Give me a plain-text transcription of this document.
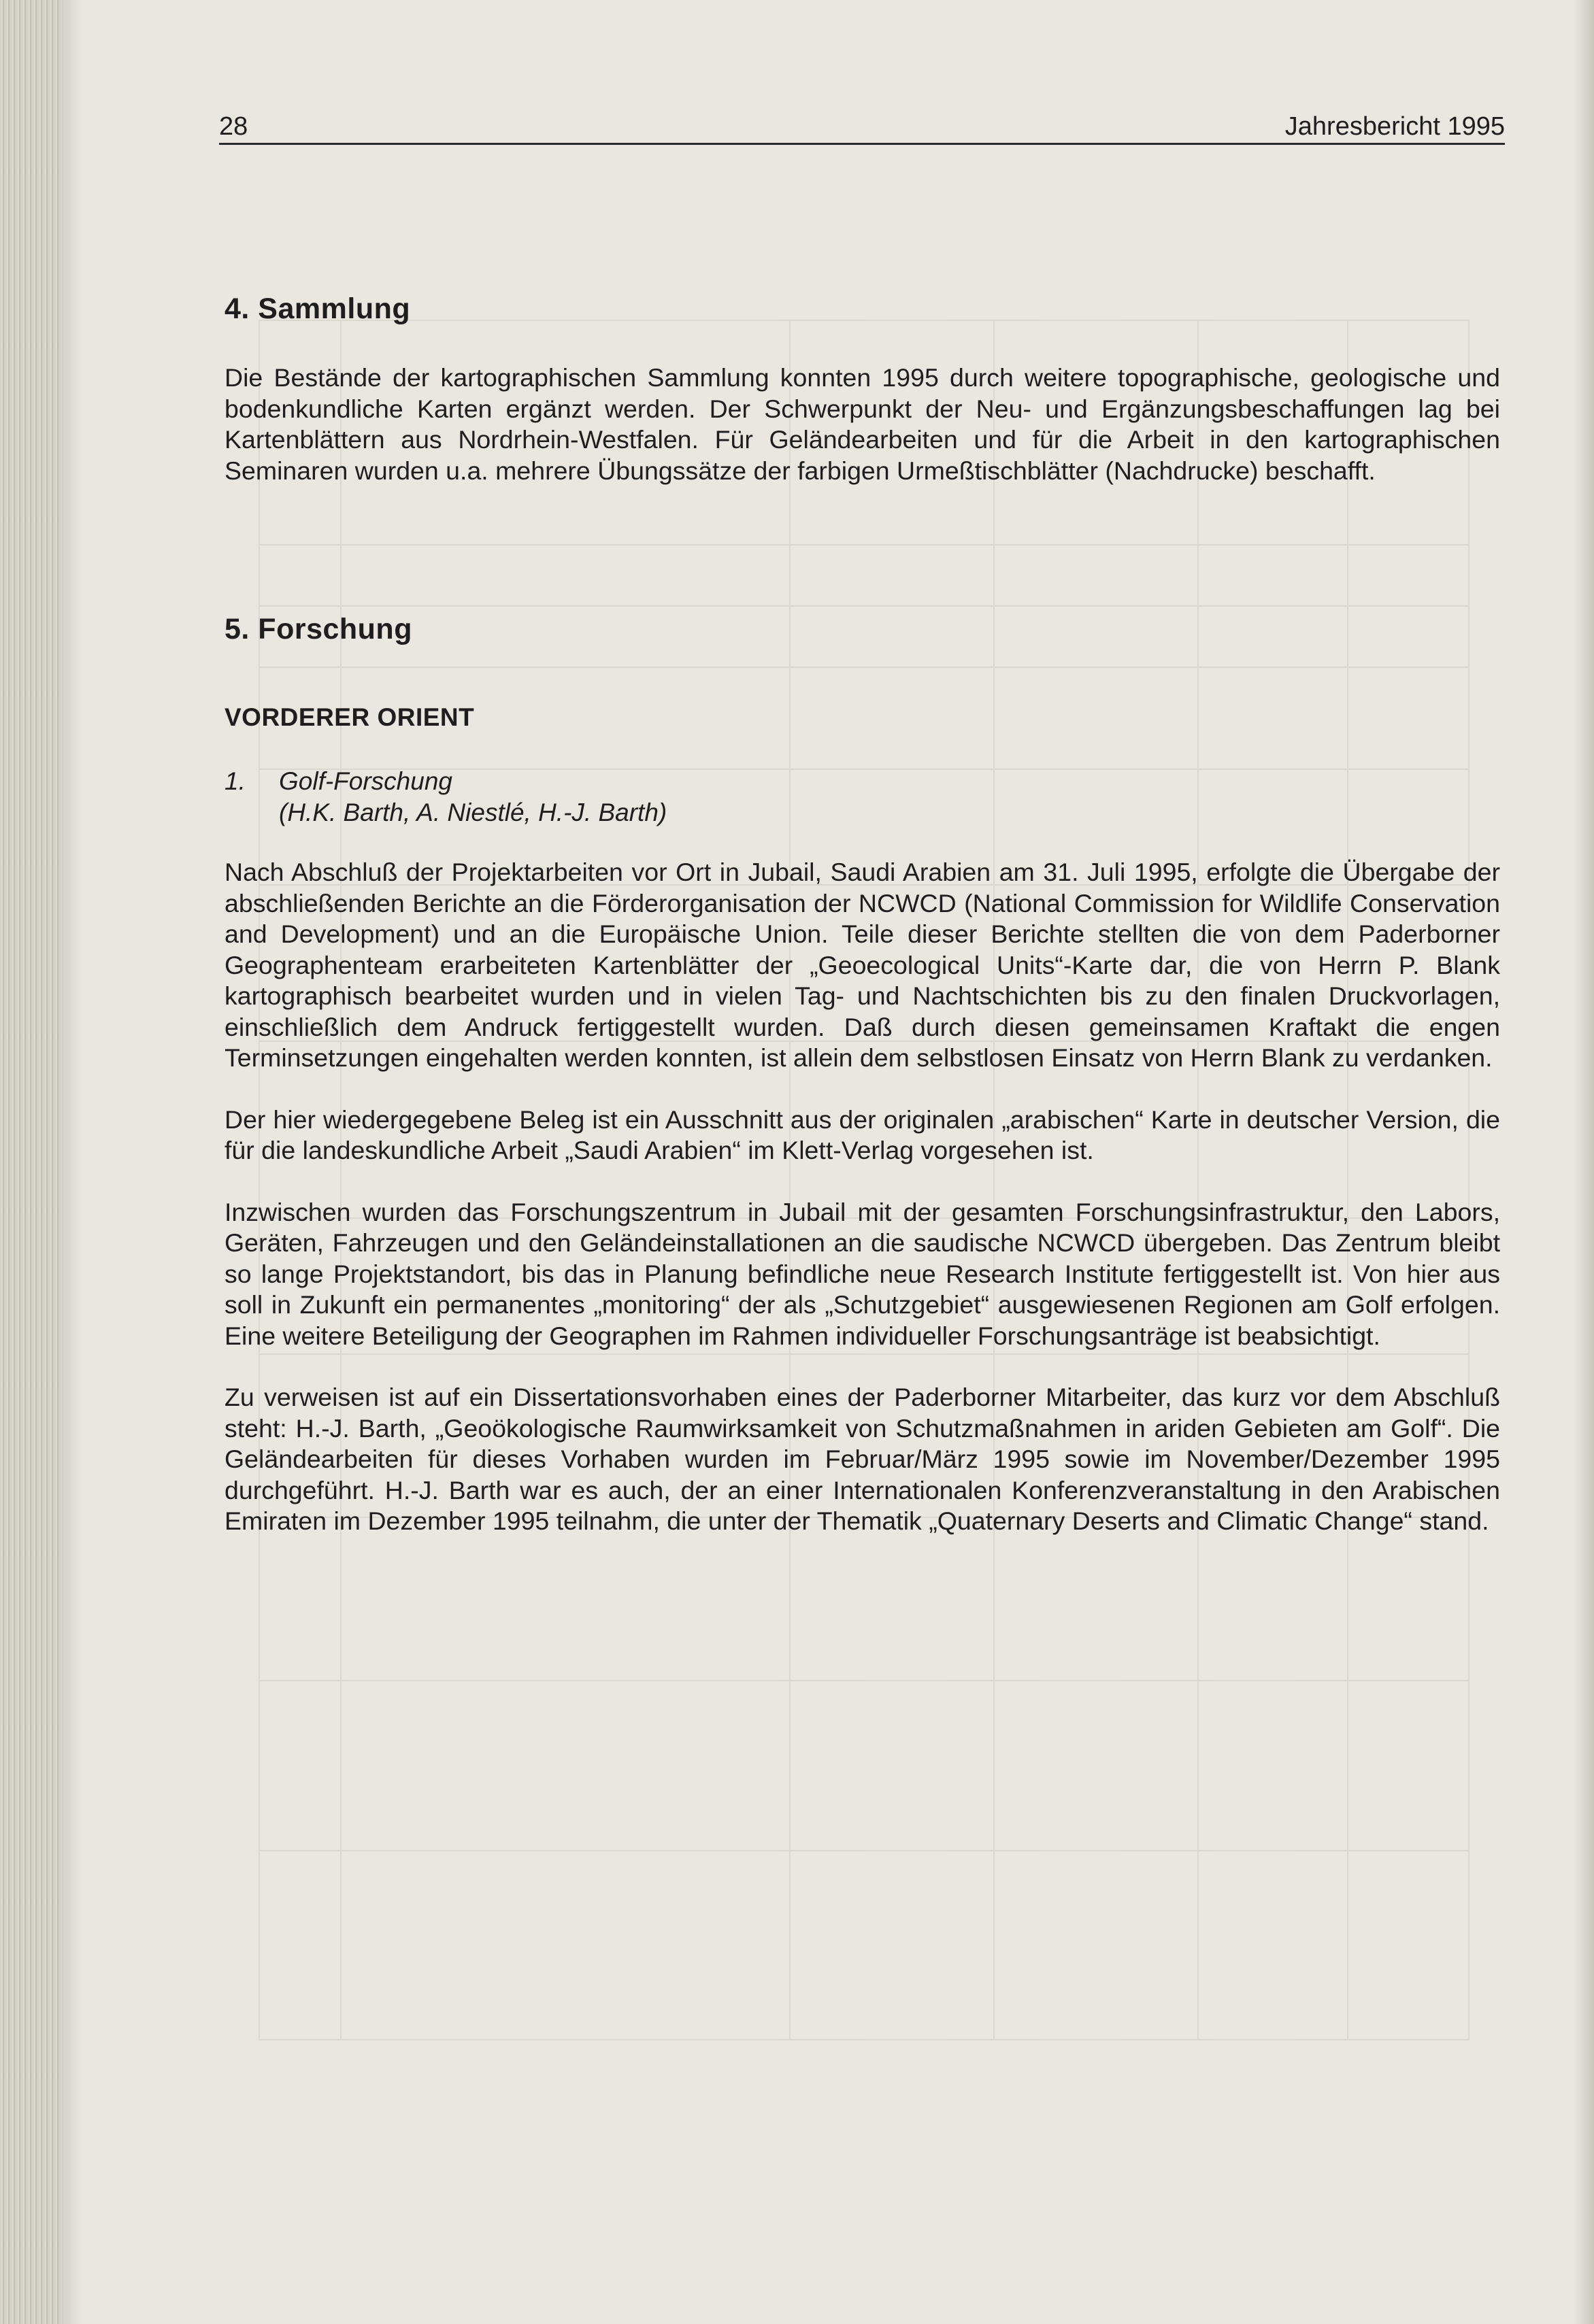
28	Jahresbericht 1995
4. Sammlung

Die Bestände der kartographischen Sammlung konnten 1995 durch weitere topographische, geologische und bodenkundliche Karten ergänzt werden. Der Schwerpunkt der Neu- und Ergänzungsbeschaffungen lag bei Kartenblättern aus Nordrhein-Westfalen. Für Geländearbeiten und für die Arbeit in den kartographischen Seminaren wurden u.a. mehrere Übungssätze der farbigen Urmeßtischblätter (Nachdrucke) beschafft.

5. Forschung
VORDERER ORIENT
1.	Golf-Forschung
(H.K. Barth, A. Niestlé, H.-J. Barth)

Nach Abschluß der Projektarbeiten vor Ort in Jubail, Saudi Arabien am 31. Juli 1995, erfolgte die Übergabe der abschließenden Berichte an die Förderorganisation der NCWCD (National Commission for Wildlife Conservation and Development) und an die Europäische Union. Teile dieser Berichte stellten die von dem Paderborner Geographenteam erarbeiteten Kartenblätter der „Geoecological Units“-Karte dar, die von Herrn P. Blank kartographisch bearbeitet wurden und in vielen Tag- und Nachtschichten bis zu den finalen Druckvorlagen, einschließlich dem Andruck fertiggestellt wurden. Daß durch diesen gemeinsamen Kraftakt die engen Terminsetzungen eingehalten werden konnten, ist allein dem selbstlosen Einsatz von Herrn Blank zu verdanken.

Der hier wiedergegebene Beleg ist ein Ausschnitt aus der originalen „arabischen“ Karte in deutscher Version, die für die landeskundliche Arbeit „Saudi Arabien“ im Klett-Verlag vorgesehen ist.

Inzwischen wurden das Forschungszentrum in Jubail mit der gesamten Forschungsinfrastruktur, den Labors, Geräten, Fahrzeugen und den Geländeinstallationen an die saudische NCWCD übergeben. Das Zentrum bleibt so lange Projektstandort, bis das in Planung befindliche neue Research Institute fertiggestellt ist. Von hier aus soll in Zukunft ein permanentes „monitoring“ der als „Schutzgebiet“ ausgewiesenen Regionen am Golf erfolgen. Eine weitere Beteiligung der Geographen im Rahmen individueller Forschungsanträge ist beabsichtigt.

Zu verweisen ist auf ein Dissertationsvorhaben eines der Paderborner Mitarbeiter, das kurz vor dem Abschluß steht: H.-J. Barth, „Geoökologische Raumwirksamkeit von Schutzmaßnahmen in ariden Gebieten am Golf“. Die Geländearbeiten für dieses Vorhaben wurden im Februar/März 1995 sowie im November/Dezember 1995 durchgeführt. H.-J. Barth war es auch, der an einer Internationalen Konferenzveranstaltung in den Arabischen Emiraten im Dezember 1995 teilnahm, die unter der Thematik „Quaternary Deserts and Climatic Change“ stand.
